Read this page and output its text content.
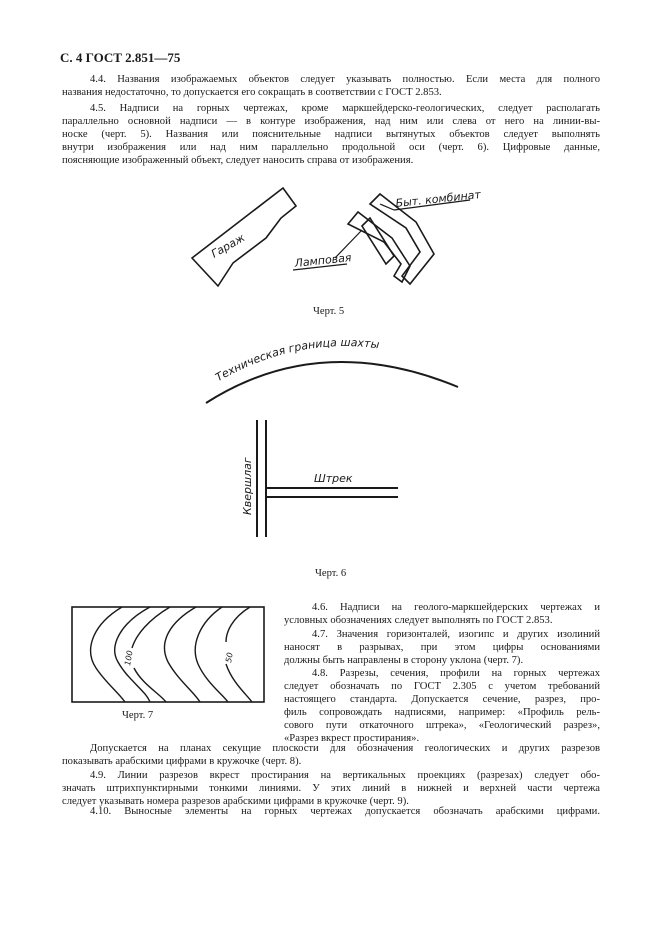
С. 4 ГОСТ 2.851—75
4.4. Названия изображаемых объектов следует указывать полностью. Если места для полного
названия недостаточно, то допускается его сокращать в соответствии с ГОСТ 2.853.
4.5. Надписи на горных чертежах, кроме маркшейдерско-геологических, следует располагать
параллельно основной надписи — в контуре изображения, над ним или слева от него на линии-вы-
носке (черт. 5). Названия или пояснительные надписи вытянутых объектов следует выполнять
внутри изображения или над ним параллельно продольной оси (черт. 6). Цифровые данные,
поясняющие изображенный объект, следует наносить справа от изображения.
Гараж	Ламповая
Быт. комбинат
Черт. 5
Техническая граница шахты
Штрек
Квершлаг
Черт. 6
100	50
Черт. 7
4.6. Надписи на геолого-маркшейдерских чертежах и
условных обозначениях следует выполнять по ГОСТ 2.853.
4.7. Значения горизонталей, изогипс и других изолиний
наносят в разрывах, при этом цифры основаниями
должны быть направлены в сторону уклона (черт. 7).
4.8. Разрезы, сечения, профили на горных чертежах
следует обозначать по ГОСТ 2.305 с учетом требований
настоящего стандарта. Допускается сечение, разрез, про-
филь сопровождать надписями, например: «Профиль рель-
сового пути откаточного штрека», «Геологический разрез»,
«Разрез вкрест простирания».
Допускается на планах секущие плоскости для обозначения геологических и других разрезов
показывать арабскими цифрами в кружочке (черт. 8).
4.9. Линии разрезов вкрест простирания на вертикальных проекциях (разрезах) следует обо-
значать штрихпунктирными тонкими линиями. У этих линий в нижней и верхней части чертежа
следует указывать номера разрезов арабскими цифрами в кружочке (черт. 9).
4.10. Выносные элементы на горных чертежах допускается обозначать арабскими цифрами.
